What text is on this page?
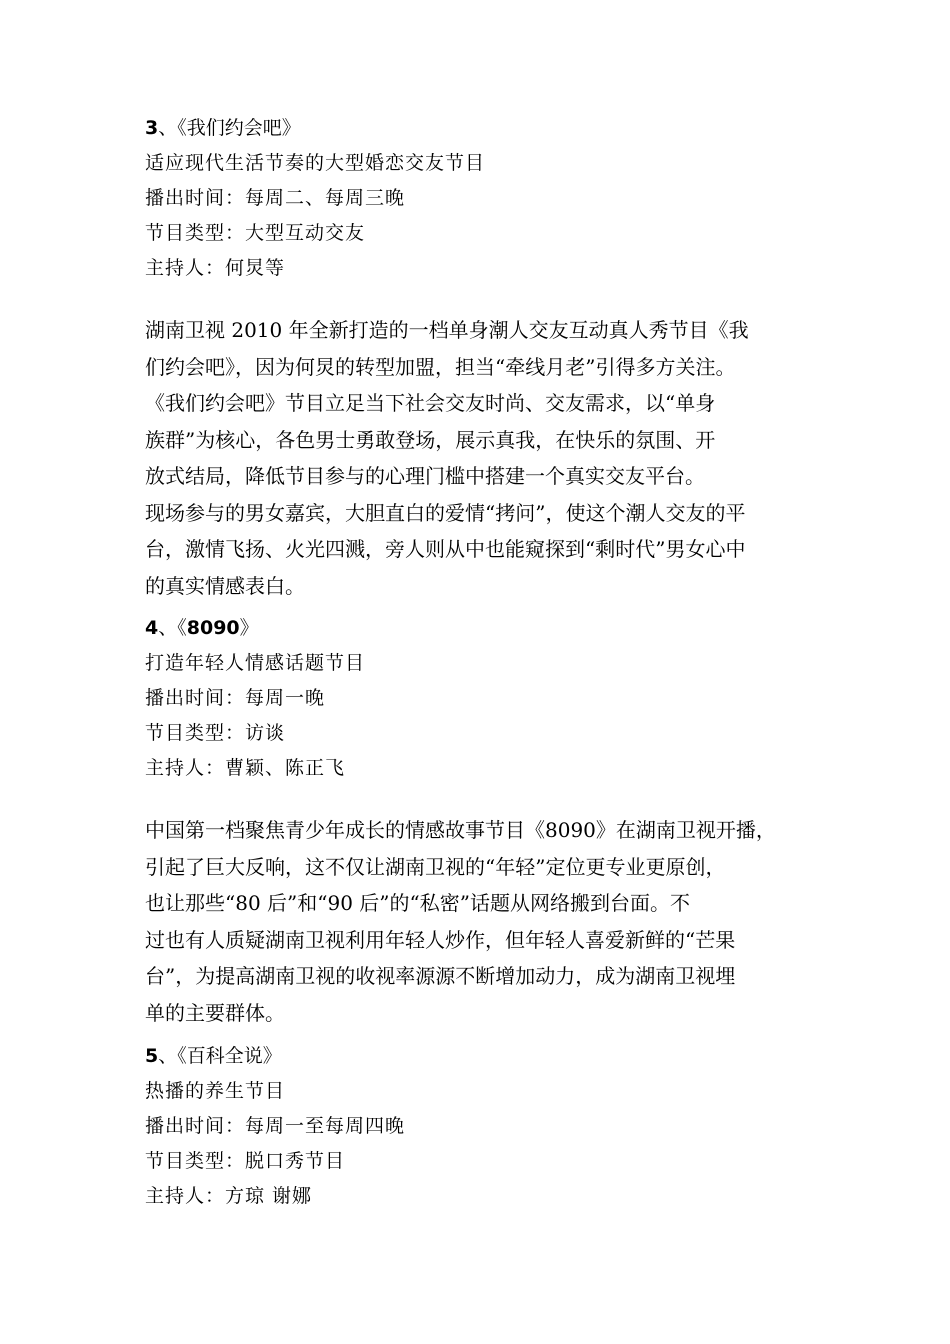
3、《我们约会吧》
适应现代生活节奏的大型婚恋交友节目
播出时间：每周二、每周三晚
节目类型：大型互动交友
主持人：何炅等
湖南卫视 2010 年全新打造的一档单身潮人交友互动真人秀节目《我
们约会吧》，因为何炅的转型加盟，担当“牵线月老”引得多方关注。
《我们约会吧》节目立足当下社会交友时尚、交友需求，以“单身
族群”为核心，各色男士勇敢登场，展示真我，在快乐的氛围、开
放式结局，降低节目参与的心理门槛中搭建一个真实交友平台。
现场参与的男女嘉宾，大胆直白的爱情“拷问”，使这个潮人交友的平
台，激情飞扬、火光四溅，旁人则从中也能窥探到“剩时代”男女心中
的真实情感表白。
4、《8090》
打造年轻人情感话题节目
播出时间：每周一晚
节目类型：访谈
主持人：曹颖、陈正飞
中国第一档聚焦青少年成长的情感故事节目《8090》在湖南卫视开播，
引起了巨大反响，这不仅让湖南卫视的“年轻”定位更专业更原创，
也让那些“80 后”和“90 后”的“私密”话题从网络搬到台面。不
过也有人质疑湖南卫视利用年轻人炒作，但年轻人喜爱新鲜的“芒果
台”，为提高湖南卫视的收视率源源不断增加动力，成为湖南卫视埋
单的主要群体。
5、《百科全说》
热播的养生节目
播出时间：每周一至每周四晚
节目类型：脱口秀节目
主持人：方琼 谢娜
